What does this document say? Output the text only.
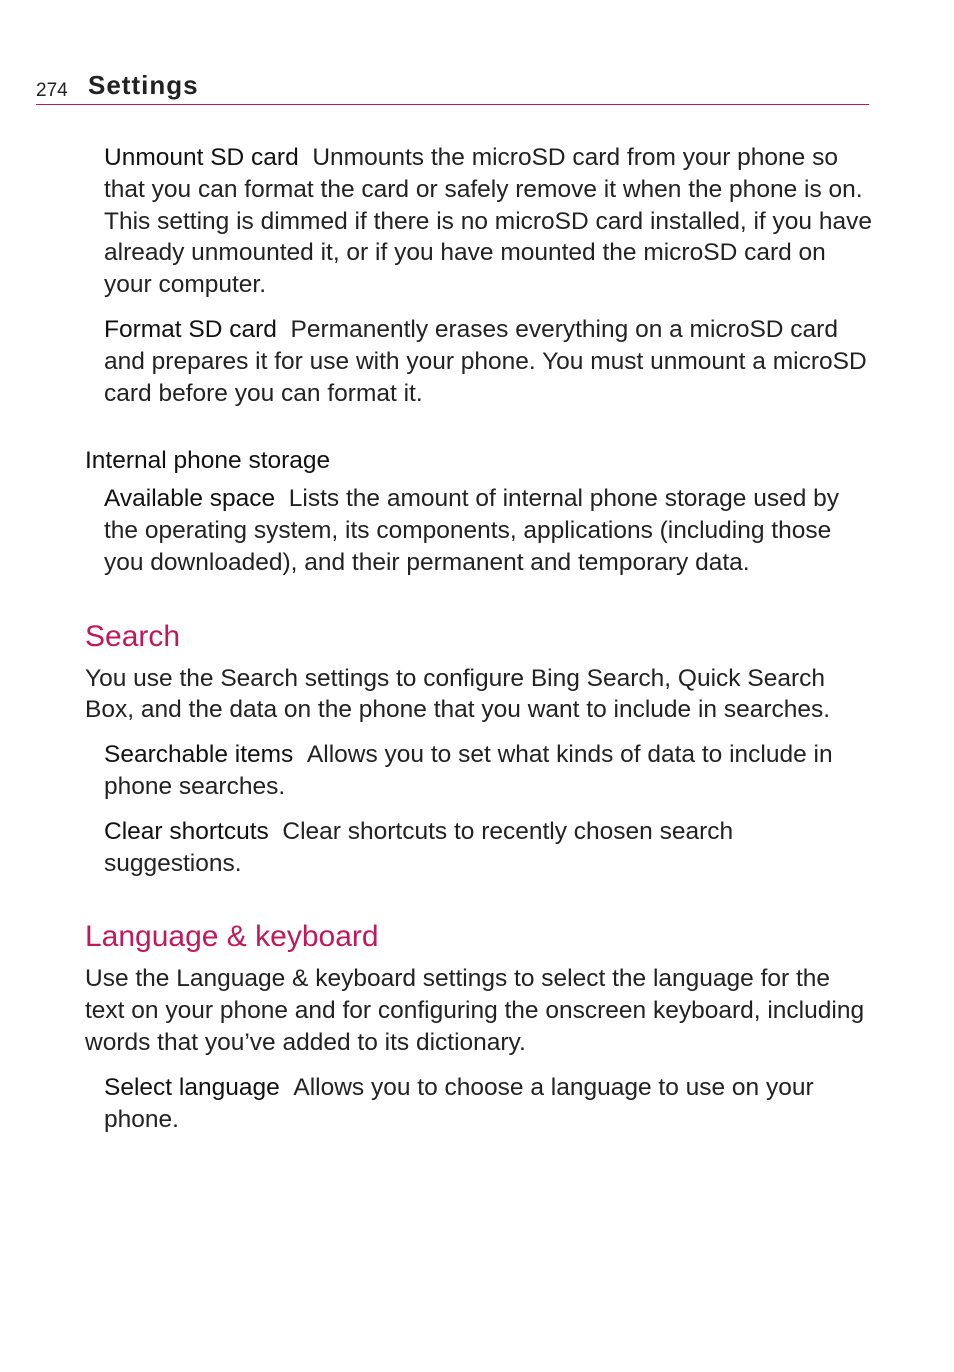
274 Settings
Unmount SD card Unmounts the microSD card from your phone so that you can format the card or safely remove it when the phone is on. This setting is dimmed if there is no microSD card installed, if you have already unmounted it, or if you have mounted the microSD card on your computer.
Format SD card Permanently erases everything on a microSD card and prepares it for use with your phone. You must unmount a microSD card before you can format it.
Internal phone storage
Available space Lists the amount of internal phone storage used by the operating system, its components, applications (including those you downloaded), and their permanent and temporary data.
Search
You use the Search settings to configure Bing Search, Quick Search Box, and the data on the phone that you want to include in searches.
Searchable items Allows you to set what kinds of data to include in phone searches.
Clear shortcuts Clear shortcuts to recently chosen search suggestions.
Language & keyboard
Use the Language & keyboard settings to select the language for the text on your phone and for configuring the onscreen keyboard, including words that you’ve added to its dictionary.
Select language Allows you to choose a language to use on your phone.
